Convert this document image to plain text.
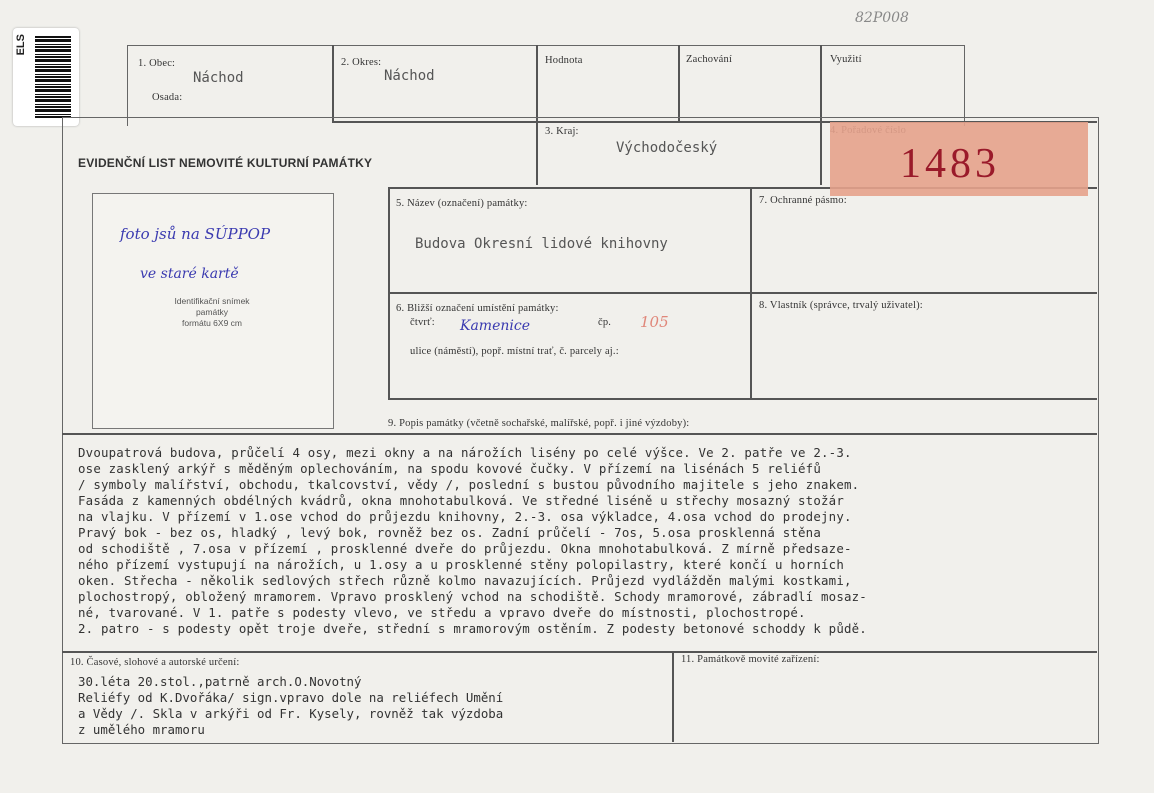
82P008
ELS
1. Obec:
Náchod
Osada:
2. Okres:
Náchod
Hodnota	Zachování	Využití
3. Kraj:
Východočeský	1483
EVIDENČNÍ LIST NEMOVITÉ KULTURNÍ PAMÁTKY
foto jsů na SÚPPOP
ve staré kartě
Identifikační snímek
památky
formátu 6X9 cm
5. Název (označení) památky:
Budova Okresní lidové knihovny
7. Ochranné pásmo:
6. Bližší označení umístění památky:
čtvrť: Kamenice	čp. 105
ulice (náměstí), popř. místní trať, č. parcely aj.:
8. Vlastník (správce, trvalý uživatel):
9. Popis památky (včetně sochařské, malířské, popř. i jiné výzdoby):
Dvoupatrová budova, průčelí 4 osy, mezi okny a na nárožích lisény po celé výšce. Ve 2. patře ve 2.-3.
ose zasklený arkýř s měděným oplechováním, na spodu kovové čučky. V přízemí na lisénách 5 reliéfů
/ symboly malířství, obchodu, tkalcovství, vědy /, poslední s bustou původního majitele s jeho znakem.
Fasáda z kamenných obdélných kvádrů, okna mnohotabulková. Ve středné liséně u střechy mosazný stožár
na vlajku. V přízemí v 1.ose vchod do průjezdu knihovny, 2.-3. osa výkladce, 4.osa vchod do prodejny.
Pravý bok - bez os, hladký , levý bok, rovněž bez os. Zadní průčelí - 7os, 5.osa prosklenná stěna
od schodiště , 7.osa v přízemí , prosklenné dveře do průjezdu. Okna mnohotabulková. Z mírně předsaze-
ného přízemí vystupují na nárožích, u 1.osy a u prosklenné stěny polopilastry, které končí u horních
oken. Střecha - několik sedlových střech různě kolmo navazujících. Průjezd vydlážděn malými kostkami,
plochostropý, obložený mramorem. Vpravo prosklený vchod na schodiště. Schody mramorové, zábradlí mosaz-
né, tvarované. V 1. patře s podesty vlevo, ve středu a vpravo dveře do místnosti, plochostropé.
2. patro - s podesty opět troje dveře, střední s mramorovým ostěním. Z podesty betonové schoddy k půdě.
10. Časové, slohové a autorské určení:	11. Památkově movité zařízení:
30.léta 20.stol.,patrně arch.O.Novotný
Reliéfy od K.Dvořáka/ sign.vpravo dole na reliéfech Umění
a Vědy /. Skla v arkýři od Fr. Kysely, rovněž tak výzdoba
z umělého mramoru
